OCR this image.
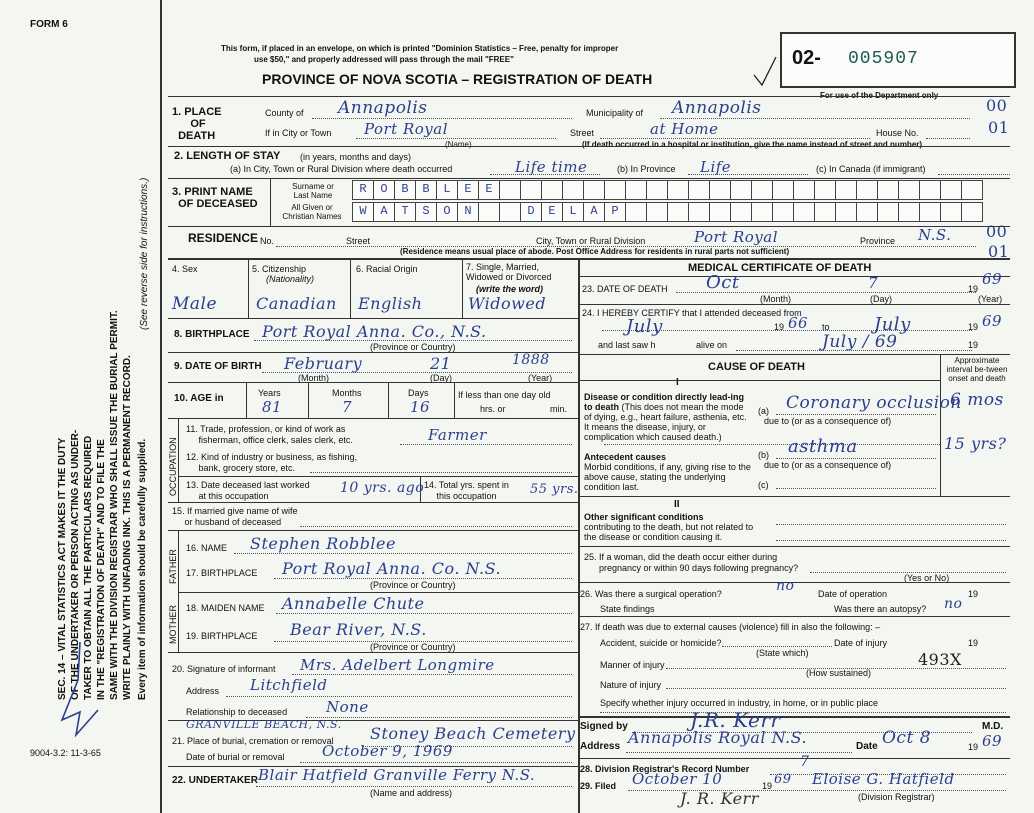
FORM 6
SEC. 14 – VITAL STATISTICS ACT MAKES IT THE DUTY OF THE UNDERTAKER OR PERSON ACTING AS UNDER- TAKER TO OBTAIN ALL THE PARTICULARS REQUIRED IN THE "REGISTRATION OF DEATH" AND TO FILE THE SAME WITH THE DIVISION REGISTRAR WHO SHALL ISSUE THE BURIAL PERMIT. WRITE PLAINLY WITH UNFADING INK. THIS IS A PERMANENT RECORD. Every item of information should be carefully supplied.
(See reverse side for instructions.)
9004-3.2: 11-3-65
This form, if placed in an envelope, on which is printed "Dominion Statistics – Free, penalty for improper
use $50," and properly addressed will pass through the mail "FREE"
PROVINCE OF NOVA SCOTIA – REGISTRATION OF DEATH
02- 005907
For use of the Department only
00
01
00
01
1. PLACE
OF
DEATH
County of Annapolis	Municipality of Annapolis
If in City or Town Port Royal
(Name)
Street	at Home	House No.
(If death occurred in a hospital or institution, give the name instead of street and number)
2. LENGTH OF STAY (in years, months and days)
(a) In City, Town or Rural Division where death occurred	Life time	(b) In Province Life	(c) In Canada (if immigrant)
3. PRINT NAME
OF DECEASED
Surname or
Last Name
All Given or
Christian Names
R	O	B	B	L	E	E
W	A	T	S	O	N	D	E	L	A	P
RESIDENCE No.	Street	City, Town or Rural Division	Port Royal	Province N.S.
(Residence means usual place of abode. Post Office Address for residents in rural parts not sufficient)
4. Sex	5. Citizenship
(Nationality)
6. Racial Origin	7. Single, Married, Widowed or Divorced
(write the word)
Male Canadian English	Widowed
8. BIRTHPLACE Port Royal Anna. Co., N.S.
(Province or Country)
9. DATE OF BIRTH February	21	1888
(Month)	(Day)	(Year)
10. AGE in	Years	Months	Days
81	7	16
If less than one day old
hrs. or	min.
OCCUPATION
11. Trade, profession, or kind of work as
fisherman, office clerk, sales clerk, etc.	Farmer
12. Kind of industry or business, as fishing,
bank, grocery store, etc.
13. Date deceased last worked
at this occupation	10 yrs. ago 14. Total yrs. spent in
this occupation	55 yrs.
15. If married give name of wife
or husband of deceased
FATHER
MOTHER
16. NAME Stephen Robblee
17. BIRTHPLACE Port Royal Anna. Co. N.S.
(Province or Country)
18. MAIDEN NAME Annabelle Chute
19. BIRTHPLACE Bear River, N.S.
(Province or Country)
20. Signature of informant Mrs. Adelbert Longmire
Address Litchfield
Relationship to deceased	None
GRANVILLE BEACH, N.S.
21. Place of burial, cremation or removal Stoney Beach Cemetery
Date of burial or removal October 9, 1969
22. UNDERTAKER Blair Hatfield Granville Ferry N.S.
(Name and address)
MEDICAL CERTIFICATE OF DEATH
23. DATE OF DEATH Oct	7	19
69
(Month)	(Day)	(Year)
24. I HEREBY CERTIFY that I attended deceased from
July	19 66 to July	19 69
and last saw h	alive on	July / 69	19
CAUSE OF DEATH
Approximate interval be-tween onset and death
I
Disease or condition directly lead-ing to death (This does not mean the mode of dying, e.g., heart failure, asthenia, etc. It means the disease, injury, or complication which caused death.)
(a) Coronary occlusion
6 mos
due to (or as a consequence of)
Antecedent causes
Morbid conditions, if any, giving rise to the above cause, stating the underlying condition last.
(b) asthma	15 yrs?
due to (or as a consequence of)
(c)
II
Other significant conditions
contributing to the death, but not related to the disease or condition causing it.
25. If a woman, did the death occur either during
pregnancy or within 90 days following pregnancy?
(Yes or No)
26. Was there a surgical operation?	no	Date of operation	19
State findings	Was there an autopsy? no
27. If death was due to external causes (violence) fill in also the following: –
Accident, suicide or homicide?	Date of injury	19
(State which)
Manner of injury	493X
(How sustained)
Nature of injury
Specify whether injury occurred in industry, in home, or in public place
Signed by	J.R. Kerr	M.D.
Address Annapolis Royal N.S.	Date Oct 8	19 69
28. Division Registrar's Record Number	7
29. Filed October 10	19 69 Eloise G. Hatfield
(Division Registrar)
J. R. Kerr
